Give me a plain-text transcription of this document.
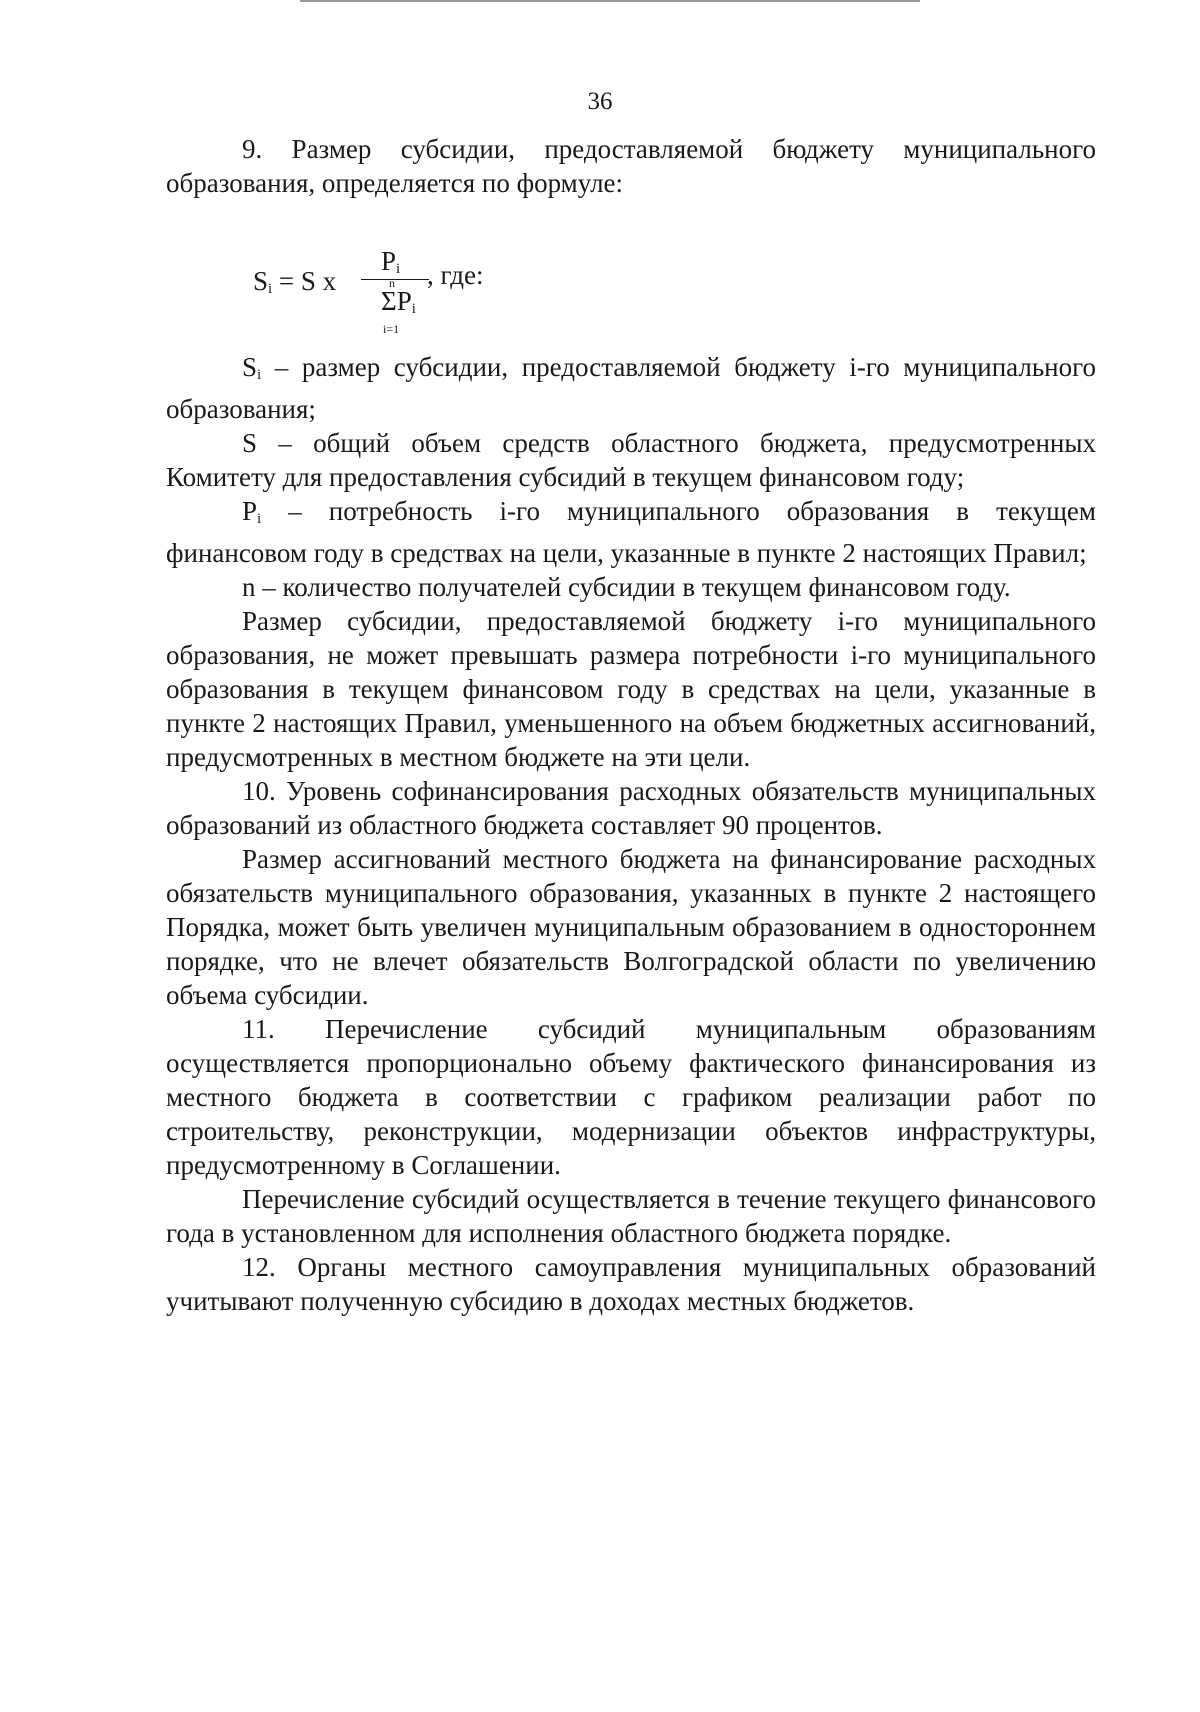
36

9. Размер субсидии, предоставляемой бюджету муниципального образования, определяется по формуле:

$S_i = S$ x
$P_i$
n
$\Sigma P_i$
i=1
, где:

$S_i$ – размер субсидии, предоставляемой бюджету i-го муниципального образования;

S – общий объем средств областного бюджета, предусмотренных Комитету для предоставления субсидий в текущем финансовом году;

$P_i$ – потребность i-го муниципального образования в текущем финансовом году в средствах на цели, указанные в пункте 2 настоящих Правил;

n – количество получателей субсидии в текущем финансовом году.

Размер субсидии, предоставляемой бюджету i-го муниципального образования, не может превышать размера потребности i-го муниципального образования в текущем финансовом году в средствах на цели, указанные в пункте 2 настоящих Правил, уменьшенного на объем бюджетных ассигнований, предусмотренных в местном бюджете на эти цели.

10. Уровень софинансирования расходных обязательств муниципальных образований из областного бюджета составляет 90 процентов.

Размер ассигнований местного бюджета на финансирование расходных обязательств муниципального образования, указанных в пункте 2 настоящего Порядка, может быть увеличен муниципальным образованием в одностороннем порядке, что не влечет обязательств Волгоградской области по увеличению объема субсидии.

11. Перечисление субсидий муниципальным образованиям осуществляется пропорционально объему фактического финансирования из местного бюджета в соответствии с графиком реализации работ по строительству, реконструкции, модернизации объектов инфраструктуры, предусмотренному в Соглашении.

Перечисление субсидий осуществляется в течение текущего финансового года в установленном для исполнения областного бюджета порядке.

12. Органы местного самоуправления муниципальных образований учитывают полученную субсидию в доходах местных бюджетов.
